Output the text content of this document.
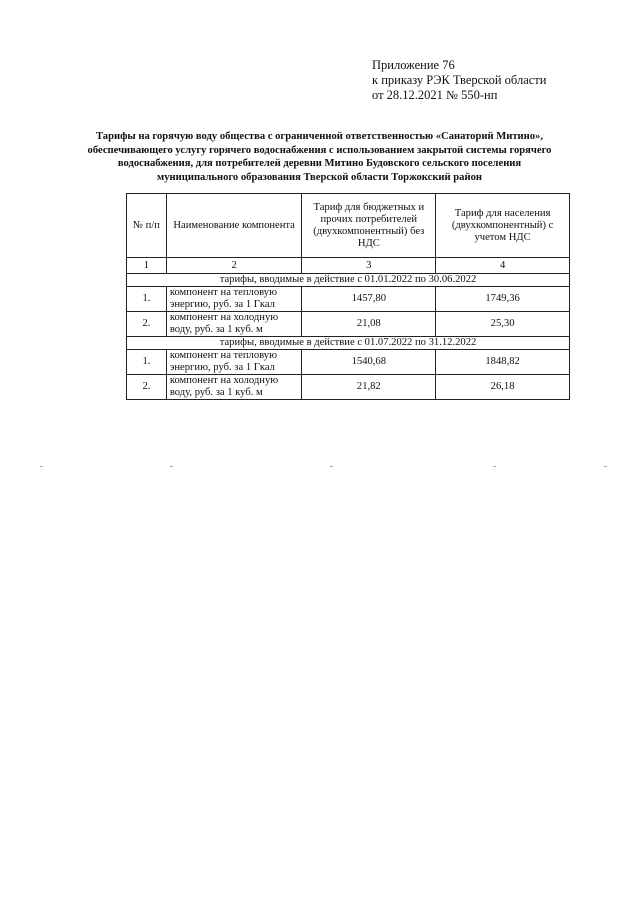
Приложение 76
к приказу РЭК Тверской области
от 28.12.2021 № 550-нп
Тарифы на горячую воду общества с ограниченной ответственностью «Санаторий Митино», обеспечивающего услугу горячего водоснабжения с использованием закрытой системы горячего водоснабжения, для потребителей деревни Митино Будовского сельского поселения муниципального образования Тверской области Торжокский район
№ п/п	Наименование компонента	Тариф для бюджетных и прочих потребителей (двухкомпонентный) без НДС	Тариф для населения (двухкомпонентный) с учетом НДС
1	2	3	4
тарифы, вводимые в действие с 01.01.2022 по 30.06.2022			
1.	компонент на тепловую энергию, руб. за 1 Гкал	1457,80	1749,36
2.	компонент на холодную воду, руб. за 1 куб. м	21,08	25,30
тарифы, вводимые в действие с 01.07.2022 по 31.12.2022			
1.	компонент на тепловую энергию, руб. за 1 Гкал	1540,68	1848,82
2.	компонент на холодную воду, руб. за 1 куб. м	21,82	26,18
